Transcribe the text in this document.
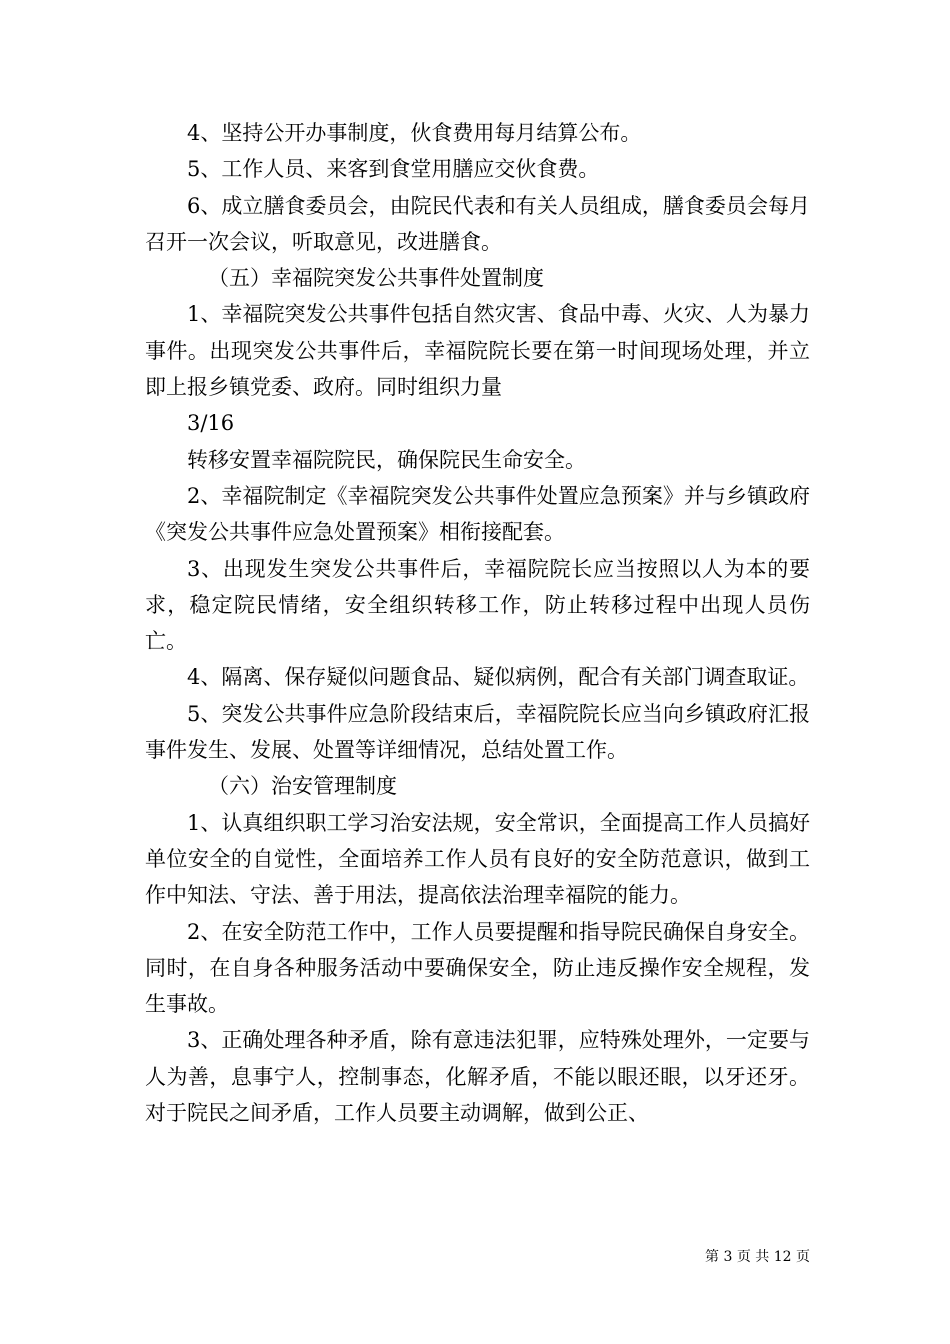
4、坚持公开办事制度，伙食费用每月结算公布。

5、工作人员、来客到食堂用膳应交伙食费。

6、成立膳食委员会，由院民代表和有关人员组成，膳食委员会每月召开一次会议，听取意见，改进膳食。

（五）幸福院突发公共事件处置制度

1、幸福院突发公共事件包括自然灾害、食品中毒、火灾、人为暴力事件。出现突发公共事件后，幸福院院长要在第一时间现场处理，并立即上报乡镇党委、政府。同时组织力量

3/16

转移安置幸福院院民，确保院民生命安全。

2、幸福院制定《幸福院突发公共事件处置应急预案》并与乡镇政府《突发公共事件应急处置预案》相衔接配套。

3、出现发生突发公共事件后，幸福院院长应当按照以人为本的要求，稳定院民情绪，安全组织转移工作，防止转移过程中出现人员伤亡。

4、隔离、保存疑似问题食品、疑似病例，配合有关部门调查取证。

5、突发公共事件应急阶段结束后，幸福院院长应当向乡镇政府汇报事件发生、发展、处置等详细情况，总结处置工作。

（六）治安管理制度

1、认真组织职工学习治安法规，安全常识，全面提高工作人员搞好单位安全的自觉性，全面培养工作人员有良好的安全防范意识，做到工作中知法、守法、善于用法，提高依法治理幸福院的能力。

2、在安全防范工作中，工作人员要提醒和指导院民确保自身安全。同时，在自身各种服务活动中要确保安全，防止违反操作安全规程，发生事故。

3、正确处理各种矛盾，除有意违法犯罪，应特殊处理外，一定要与人为善，息事宁人，控制事态，化解矛盾，不能以眼还眼，以牙还牙。对于院民之间矛盾，工作人员要主动调解，做到公正、

第 3 页 共 12 页
